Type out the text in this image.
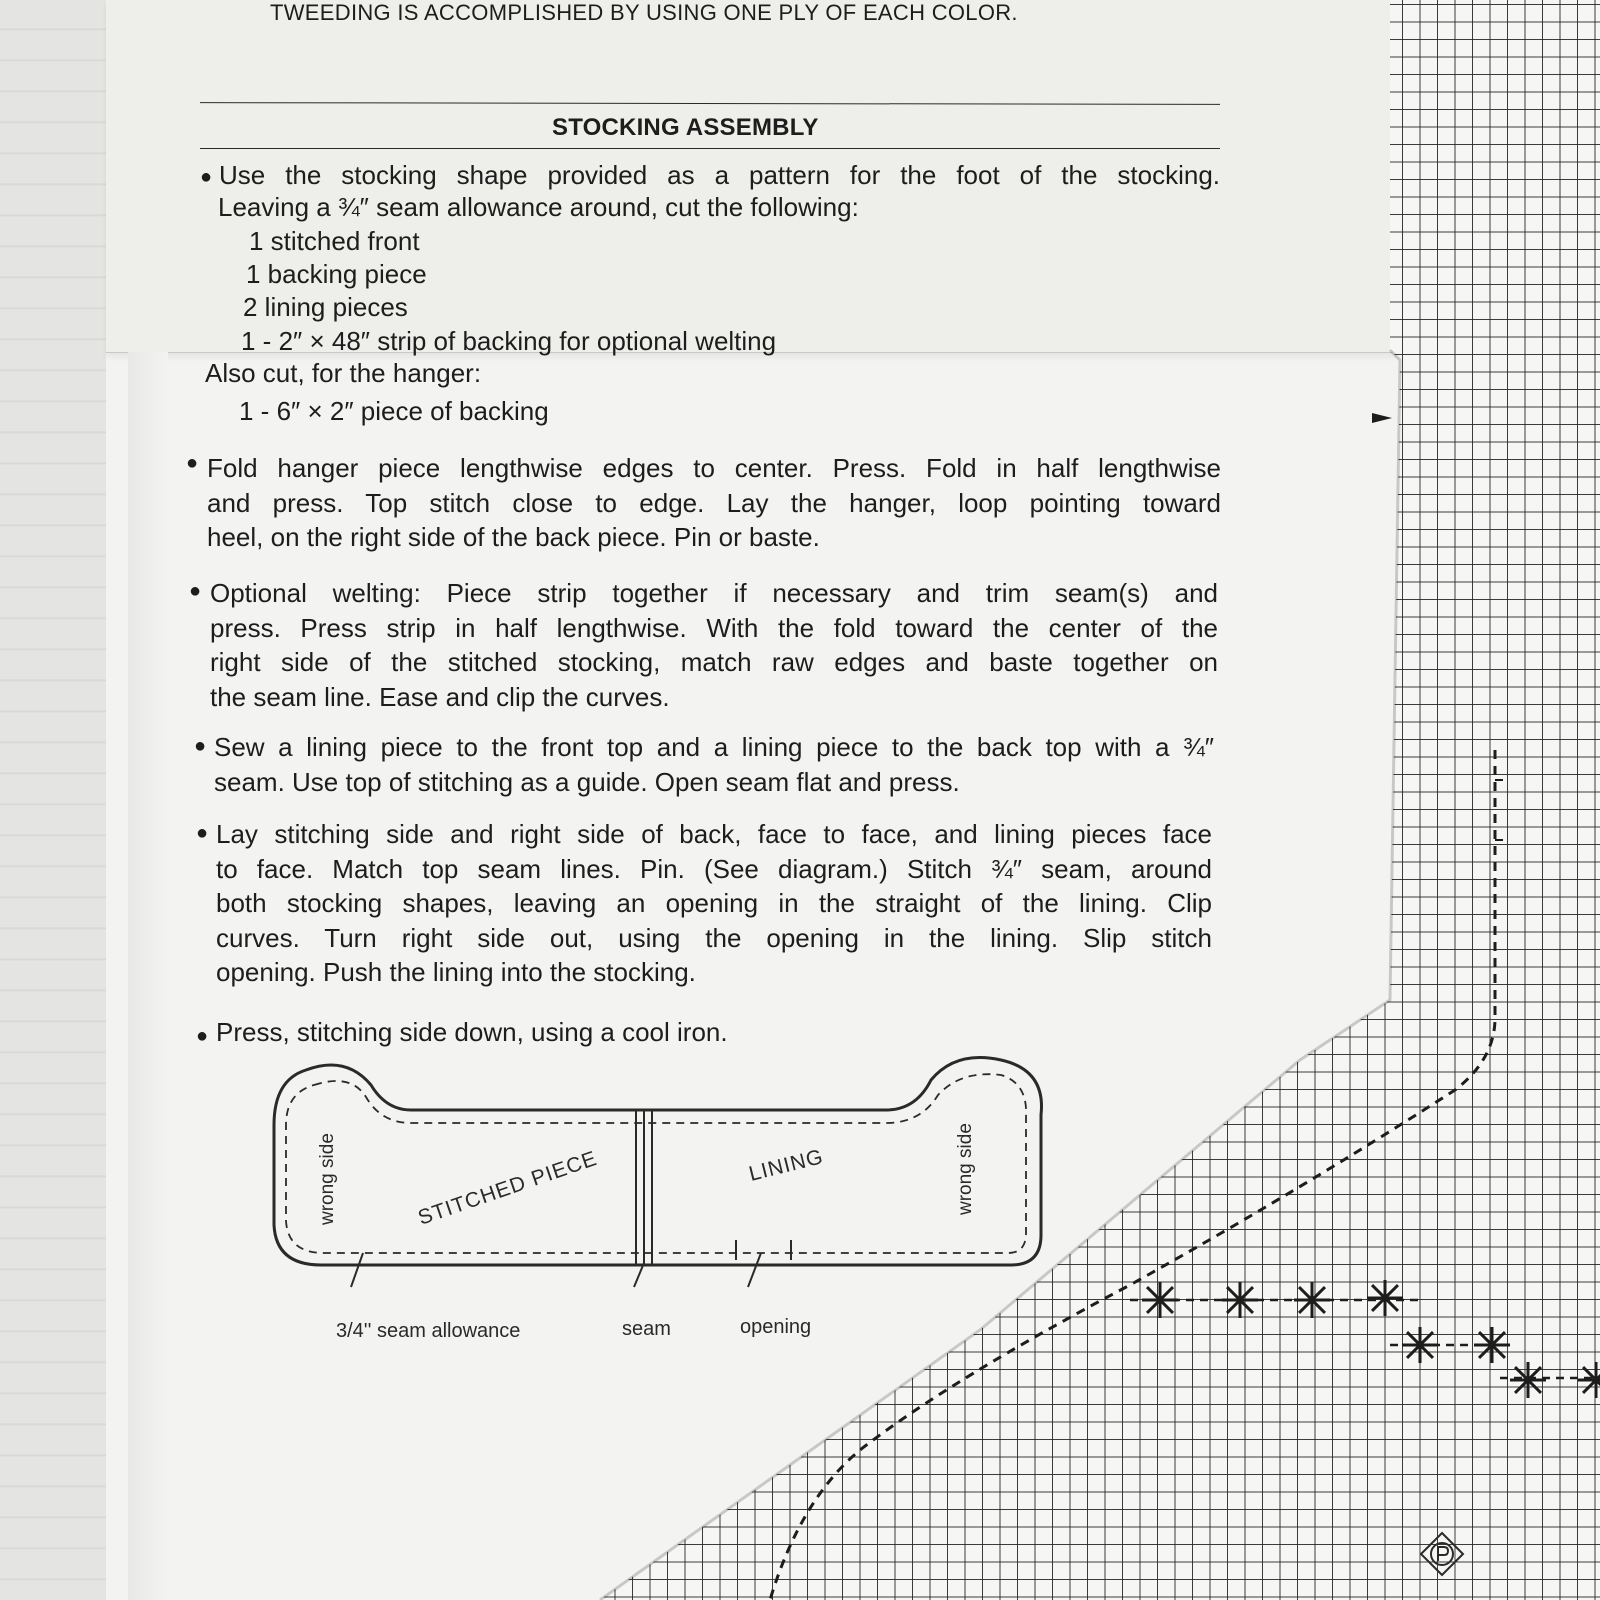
TWEEDING IS ACCOMPLISHED BY USING ONE PLY OF EACH COLOR.
STOCKING ASSEMBLY
● Use the stocking shape provided as a pattern for the foot of the stocking.
Leaving a ¾″ seam allowance around, cut the following:
1 stitched front
1 backing piece
2 lining pieces
1 - 2″ × 48″ strip of backing for optional welting
Also cut, for the hanger:
1 - 6″ × 2″ piece of backing
● Fold hanger piece lengthwise edges to center. Press. Fold in half lengthwise
and press. Top stitch close to edge. Lay the hanger, loop pointing toward
heel, on the right side of the back piece. Pin or baste.
● Optional welting: Piece strip together if necessary and trim seam(s) and
press. Press strip in half lengthwise. With the fold toward the center of the
right side of the stitched stocking, match raw edges and baste together on
the seam line. Ease and clip the curves.
● Sew a lining piece to the front top and a lining piece to the back top with a ¾″
seam. Use top of stitching as a guide. Open seam flat and press.
● Lay stitching side and right side of back, face to face, and lining pieces face
to face. Match top seam lines. Pin. (See diagram.) Stitch ¾″ seam, around
both stocking shapes, leaving an opening in the straight of the lining. Clip
curves. Turn right side out, using the opening in the lining. Slip stitch
opening. Push the lining into the stocking.
● Press, stitching side down, using a cool iron.
wrong side	wrong side
STITCHED PIECE	LINING
3/4'' seam allowance	seam	opening
